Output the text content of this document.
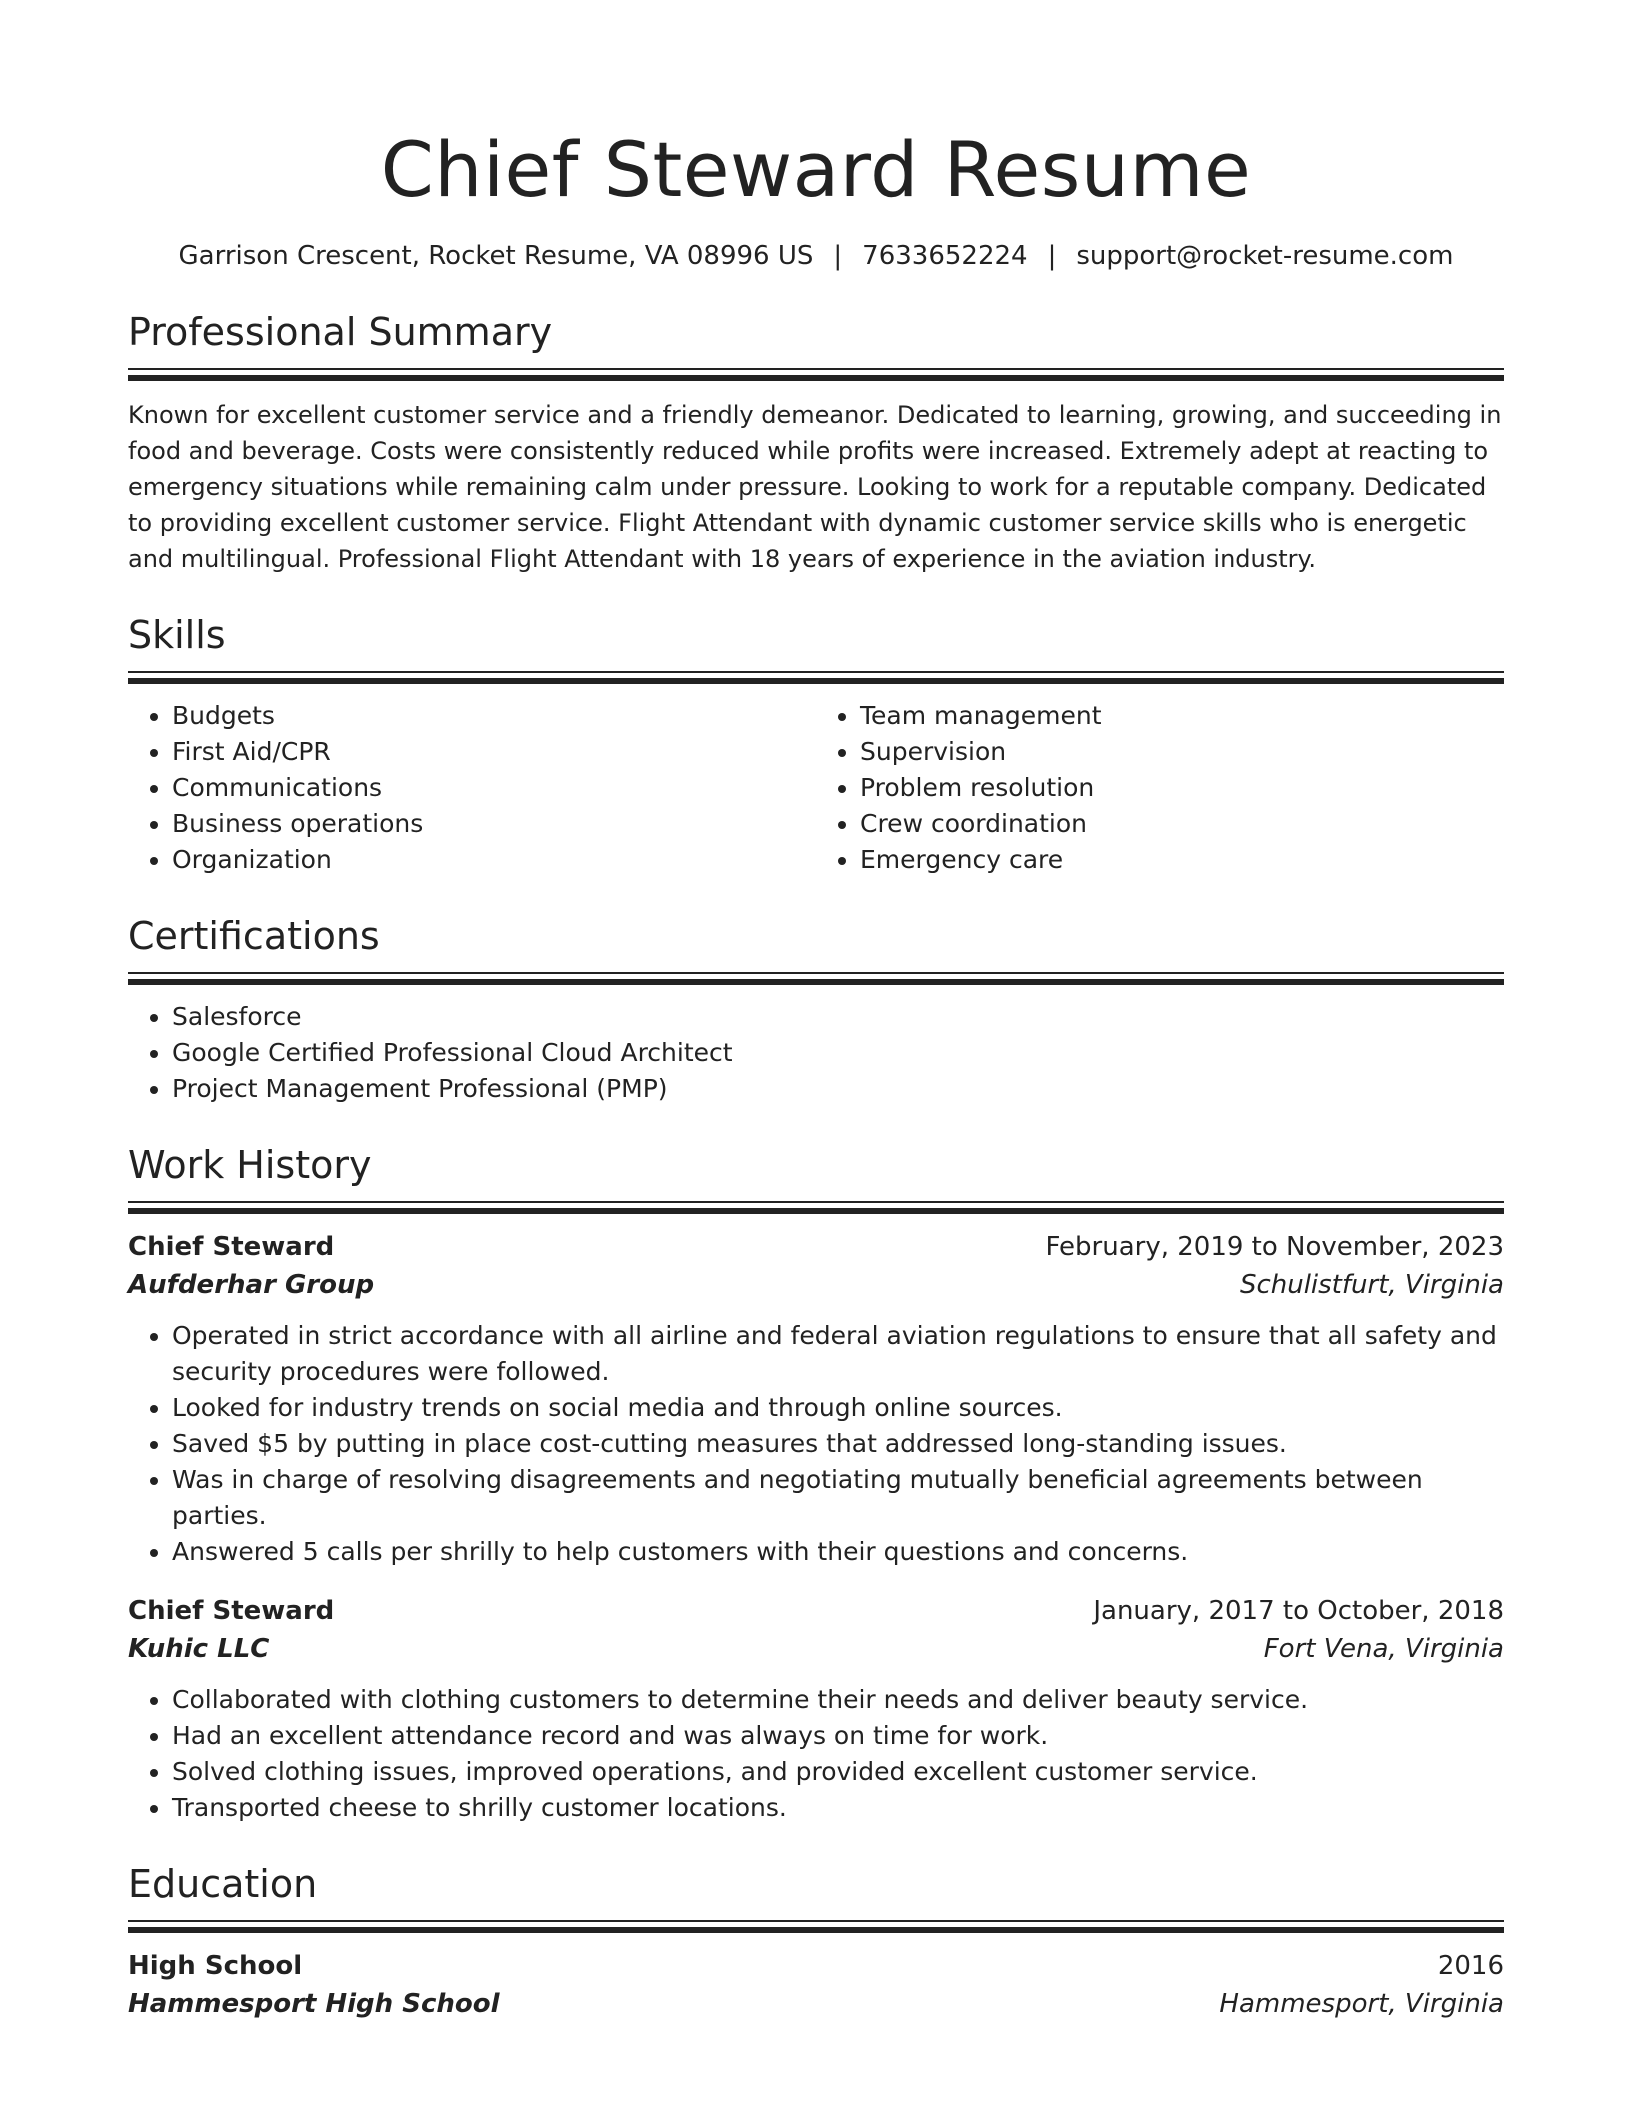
Chief Steward Resume
Garrison Crescent, Rocket Resume, VA 08996 US | 7633652224 | support@rocket-resume.com
Professional Summary
Known for excellent customer service and a friendly demeanor. Dedicated to learning, growing, and succeeding in food and beverage. Costs were consistently reduced while profits were increased. Extremely adept at reacting to emergency situations while remaining calm under pressure. Looking to work for a reputable company. Dedicated to providing excellent customer service. Flight Attendant with dynamic customer service skills who is energetic and multilingual. Professional Flight Attendant with 18 years of experience in the aviation industry.
Skills
• Budgets
• First Aid/CPR
• Communications
• Business operations
• Organization
• Team management
• Supervision
• Problem resolution
• Crew coordination
• Emergency care
Certifications
• Salesforce
• Google Certified Professional Cloud Architect
• Project Management Professional (PMP)
Work History
Chief Steward	February, 2019 to November, 2023
Aufderhar Group	Schulistfurt, Virginia
• Operated in strict accordance with all airline and federal aviation regulations to ensure that all safety and security procedures were followed.
• Looked for industry trends on social media and through online sources.
• Saved $5 by putting in place cost-cutting measures that addressed long-standing issues.
• Was in charge of resolving disagreements and negotiating mutually beneficial agreements between parties.
• Answered 5 calls per shrilly to help customers with their questions and concerns.
Chief Steward	January, 2017 to October, 2018
Kuhic LLC	Fort Vena, Virginia
• Collaborated with clothing customers to determine their needs and deliver beauty service.
• Had an excellent attendance record and was always on time for work.
• Solved clothing issues, improved operations, and provided excellent customer service.
• Transported cheese to shrilly customer locations.
Education
High School	2016
Hammesport High School	Hammesport, Virginia
